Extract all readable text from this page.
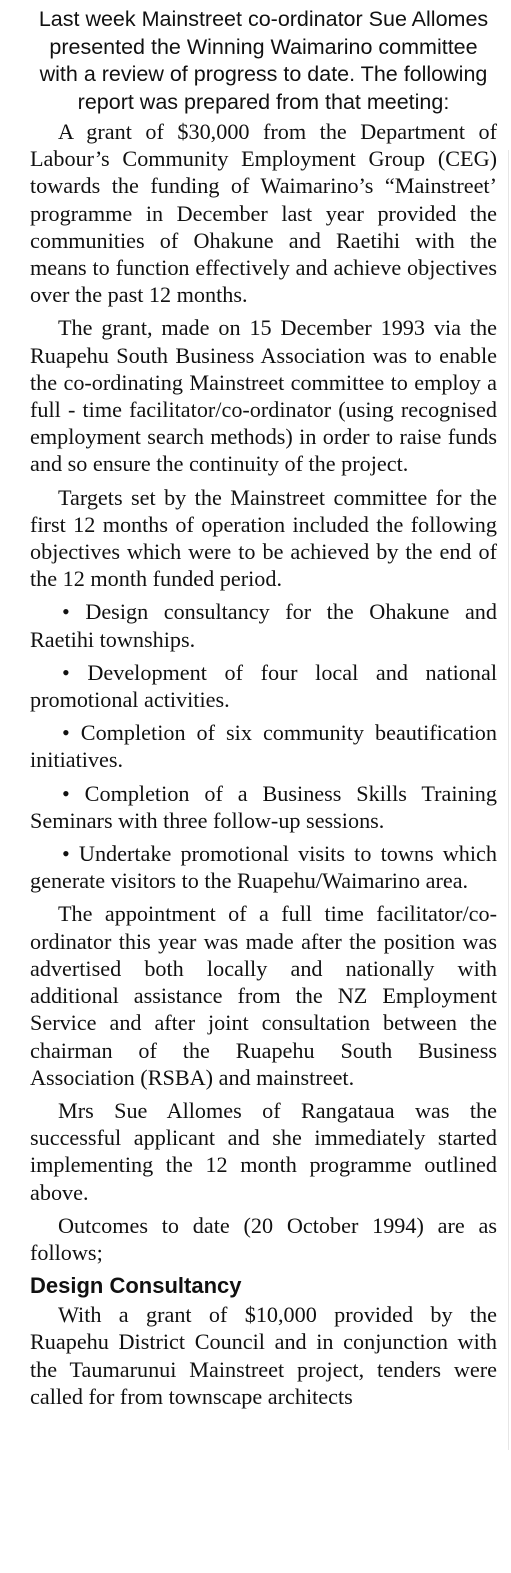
Last week Mainstreet co-ordinator Sue Allomes presented the Winning Waimarino committee with a review of progress to date. The following report was prepared from that meeting:

A grant of $30,000 from the Department of Labour’s Community Employment Group (CEG) towards the funding of Waimarino’s “Mainstreet’ programme in December last year provided the communities of Ohakune and Raetihi with the means to function effectively and achieve objectives over the past 12 months.

The grant, made on 15 December 1993 via the Ruapehu South Business Association was to enable the co-ordinating Mainstreet committee to employ a full - time facilitator/co-ordinator (using recognised employment search methods) in order to raise funds and so ensure the continuity of the project.

Targets set by the Mainstreet committee for the first 12 months of operation included the following objectives which were to be achieved by the end of the 12 month funded period.

• Design consultancy for the Ohakune and Raetihi townships.

• Development of four local and national promotional activities.

• Completion of six community beautification initiatives.

• Completion of a Business Skills Training Seminars with three follow-up sessions.

• Undertake promotional visits to towns which generate visitors to the Ruapehu/Waimarino area.

The appointment of a full time facilitator/co-ordinator this year was made after the position was advertised both locally and nationally with additional assistance from the NZ Employment Service and after joint consultation between the chairman of the Ruapehu South Business Association (RSBA) and mainstreet.

Mrs Sue Allomes of Rangataua was the successful applicant and she immediately started implementing the 12 month programme outlined above.

Outcomes to date (20 October 1994) are as follows;

Design Consultancy

With a grant of $10,000 provided by the Ruapehu District Council and in conjunction with the Taumarunui Mainstreet project, tenders were called for from townscape architects
